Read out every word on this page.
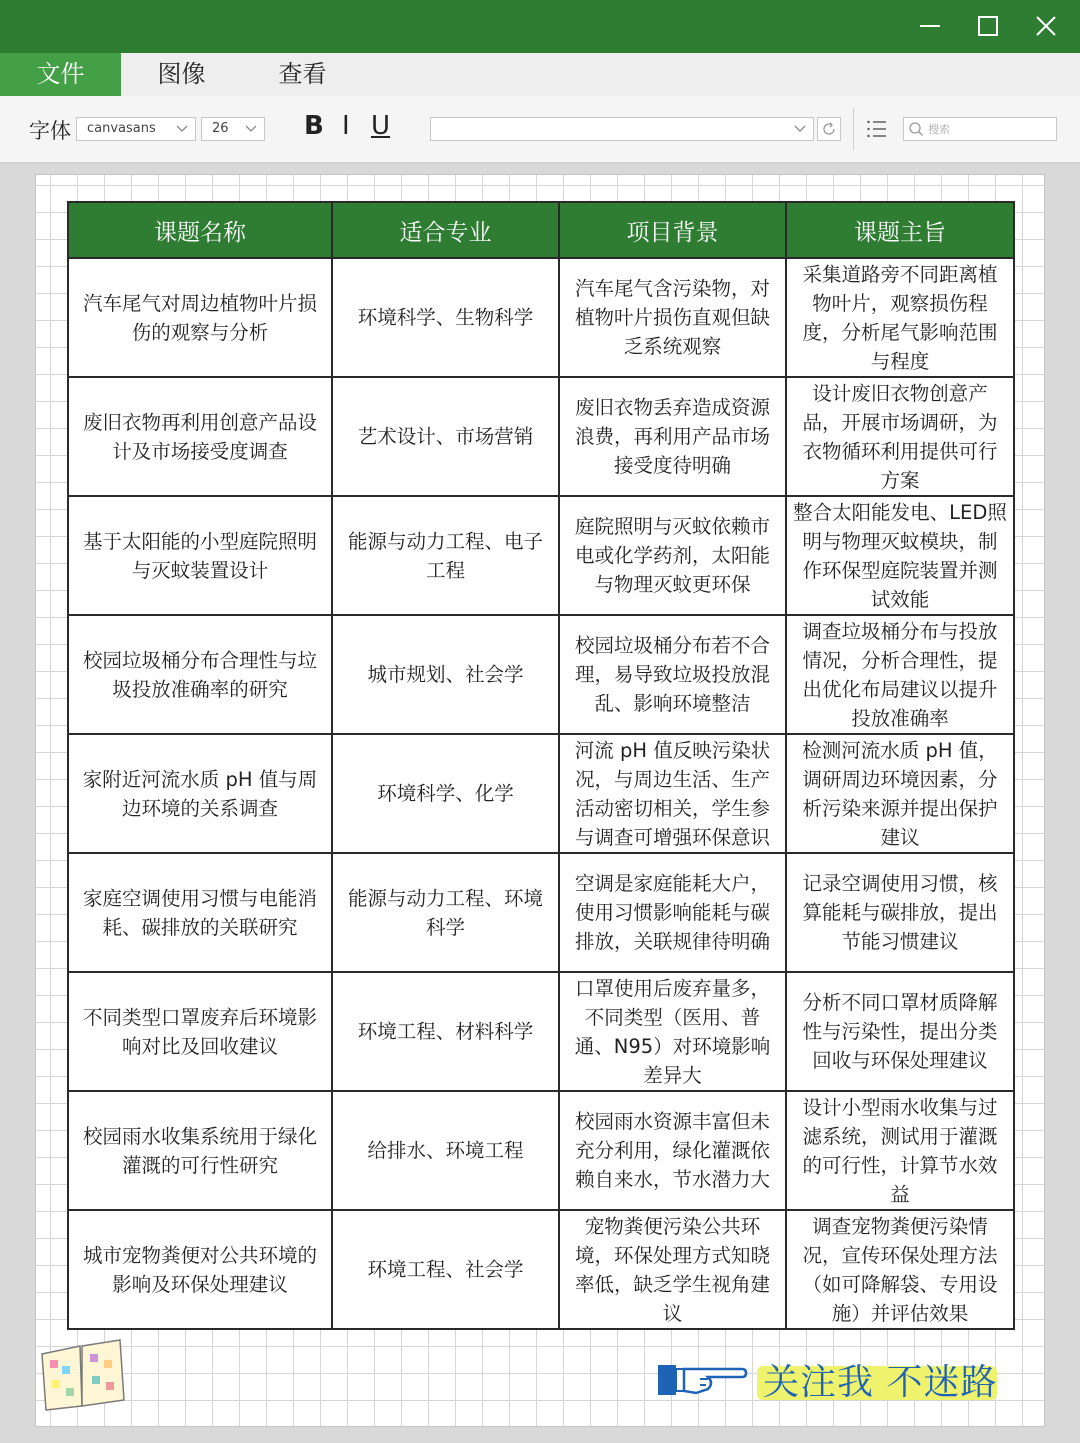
文件	图像	查看
字体	canvasans	26	B I U	搜索
课题名称	适合专业	项目背景	课题主旨
汽车尾气对周边植物叶片损伤的观察与分析	环境科学、生物科学	汽车尾气含污染物，对植物叶片损伤直观但缺乏系统观察	采集道路旁不同距离植物叶片，观察损伤程度，分析尾气影响范围与程度
废旧衣物再利用创意产品设计及市场接受度调查	艺术设计、市场营销	废旧衣物丢弃造成资源浪费，再利用产品市场接受度待明确	设计废旧衣物创意产品，开展市场调研，为衣物循环利用提供可行方案
基于太阳能的小型庭院照明与灭蚊装置设计	能源与动力工程、电子工程	庭院照明与灭蚊依赖市电或化学药剂，太阳能与物理灭蚊更环保	整合太阳能发电、LED照明与物理灭蚊模块，制作环保型庭院装置并测试效能
校园垃圾桶分布合理性与垃圾投放准确率的研究	城市规划、社会学	校园垃圾桶分布若不合理，易导致垃圾投放混乱、影响环境整洁	调查垃圾桶分布与投放情况，分析合理性，提出优化布局建议以提升投放准确率
家附近河流水质 pH 值与周边环境的关系调查	环境科学、化学	河流 pH 值反映污染状况，与周边生活、生产活动密切相关，学生参与调查可增强环保意识	检测河流水质 pH 值，调研周边环境因素，分析污染来源并提出保护建议
家庭空调使用习惯与电能消耗、碳排放的关联研究	能源与动力工程、环境科学	空调是家庭能耗大户，使用习惯影响能耗与碳排放，关联规律待明确	记录空调使用习惯，核算能耗与碳排放，提出节能习惯建议
不同类型口罩废弃后环境影响对比及回收建议	环境工程、材料科学	口罩使用后废弃量多，不同类型（医用、普通、N95）对环境影响差异大	分析不同口罩材质降解性与污染性，提出分类回收与环保处理建议
校园雨水收集系统用于绿化灌溉的可行性研究	给排水、环境工程	校园雨水资源丰富但未充分利用，绿化灌溉依赖自来水，节水潜力大	设计小型雨水收集与过滤系统，测试用于灌溉的可行性，计算节水效益
城市宠物粪便对公共环境的影响及环保处理建议	环境工程、社会学	宠物粪便污染公共环境，环保处理方式知晓率低，缺乏学生视角建议	调查宠物粪便污染情况，宣传环保处理方法（如可降解袋、专用设施）并评估效果
关注我 不迷路
